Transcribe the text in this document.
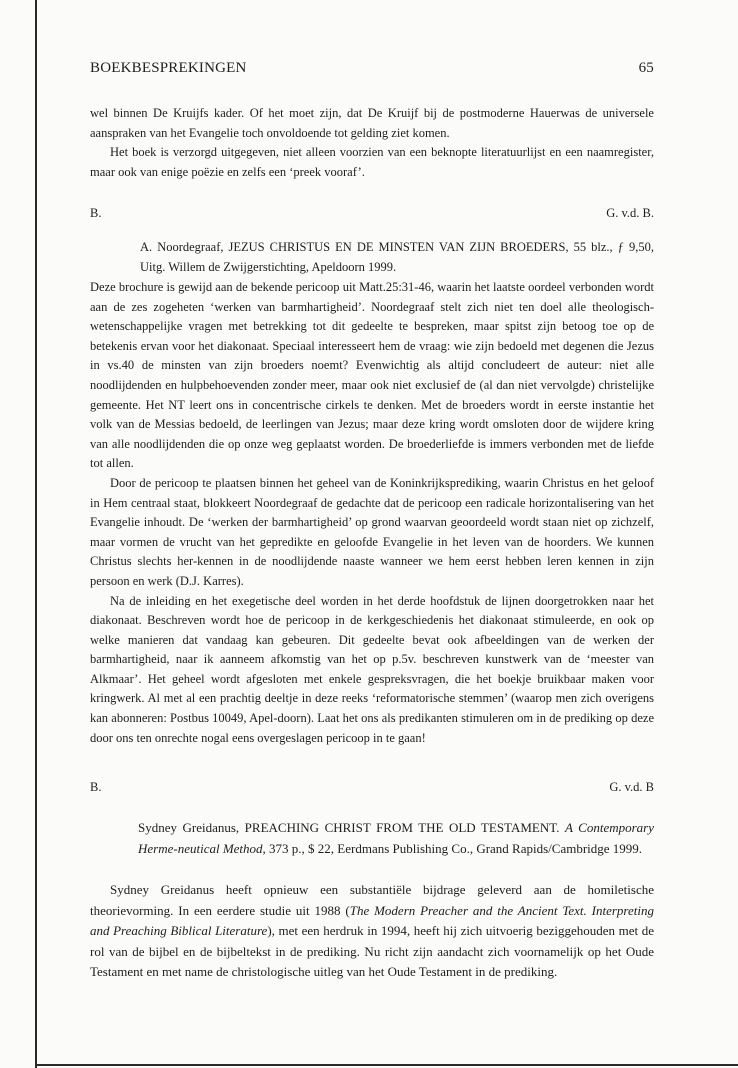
BOEKBESPREKINGEN	65

wel binnen De Kruijfs kader. Of het moet zijn, dat De Kruijf bij de postmoderne Hauerwas de universele aanspraken van het Evangelie toch onvoldoende tot gelding ziet komen.

Het boek is verzorgd uitgegeven, niet alleen voorzien van een beknopte literatuurlijst en een naamregister, maar ook van enige poëzie en zelfs een ‘preek vooraf’.

B.	G. v.d. B.
A. Noordegraaf, JEZUS CHRISTUS EN DE MINSTEN VAN ZIJN BROEDERS, 55 blz., ƒ 9,50, Uitg. Willem de Zwijgerstichting, Apeldoorn 1999.

Deze brochure is gewijd aan de bekende pericoop uit Matt.25:31-46, waarin het laatste oordeel verbonden wordt aan de zes zogeheten ‘werken van barmhartigheid’. Noordegraaf stelt zich niet ten doel alle theologisch-wetenschappelijke vragen met betrekking tot dit gedeelte te bespreken, maar spitst zijn betoog toe op de betekenis ervan voor het diakonaat. Speciaal interesseert hem de vraag: wie zijn bedoeld met degenen die Jezus in vs.40 de minsten van zijn broeders noemt? Evenwichtig als altijd concludeert de auteur: niet alle noodlijdenden en hulpbehoevenden zonder meer, maar ook niet exclusief de (al dan niet vervolgde) christelijke gemeente. Het NT leert ons in concentrische cirkels te denken. Met de broeders wordt in eerste instantie het volk van de Messias bedoeld, de leerlingen van Jezus; maar deze kring wordt omsloten door de wijdere kring van alle noodlijdenden die op onze weg geplaatst worden. De broederliefde is immers verbonden met de liefde tot allen.

Door de pericoop te plaatsen binnen het geheel van de Koninkrijksprediking, waarin Christus en het geloof in Hem centraal staat, blokkeert Noordegraaf de gedachte dat de pericoop een radicale horizontalisering van het Evangelie inhoudt. De ‘werken der barmhartigheid’ op grond waarvan geoordeeld wordt staan niet op zichzelf, maar vormen de vrucht van het gepredikte en geloofde Evangelie in het leven van de hoorders. We kunnen Christus slechts her-kennen in de noodlijdende naaste wanneer we hem eerst hebben leren kennen in zijn persoon en werk (D.J. Karres).

Na de inleiding en het exegetische deel worden in het derde hoofdstuk de lijnen doorgetrokken naar het diakonaat. Beschreven wordt hoe de pericoop in de kerkgeschiedenis het diakonaat stimuleerde, en ook op welke manieren dat vandaag kan gebeuren. Dit gedeelte bevat ook afbeeldingen van de werken der barmhartigheid, naar ik aanneem afkomstig van het op p.5v. beschreven kunstwerk van de ‘meester van Alkmaar’. Het geheel wordt afgesloten met enkele gespreksvragen, die het boekje bruikbaar maken voor kringwerk. Al met al een prachtig deeltje in deze reeks ‘reformatorische stemmen’ (waarop men zich overigens kan abonneren: Postbus 10049, Apel-doorn). Laat het ons als predikanten stimuleren om in de prediking op deze door ons ten onrechte nogal eens overgeslagen pericoop in te gaan!

B.	G. v.d. B
Sydney Greidanus, PREACHING CHRIST FROM THE OLD TESTAMENT. A Contemporary Herme-neutical Method, 373 p., $ 22, Eerdmans Publishing Co., Grand Rapids/Cambridge 1999.

Sydney Greidanus heeft opnieuw een substantiële bijdrage geleverd aan de homiletische theorievorming. In een eerdere studie uit 1988 (The Modern Preacher and the Ancient Text. Interpreting and Preaching Biblical Literature), met een herdruk in 1994, heeft hij zich uitvoerig beziggehouden met de rol van de bijbel en de bijbeltekst in de prediking. Nu richt zijn aandacht zich voornamelijk op het Oude Testament en met name de christologische uitleg van het Oude Testament in de prediking.
